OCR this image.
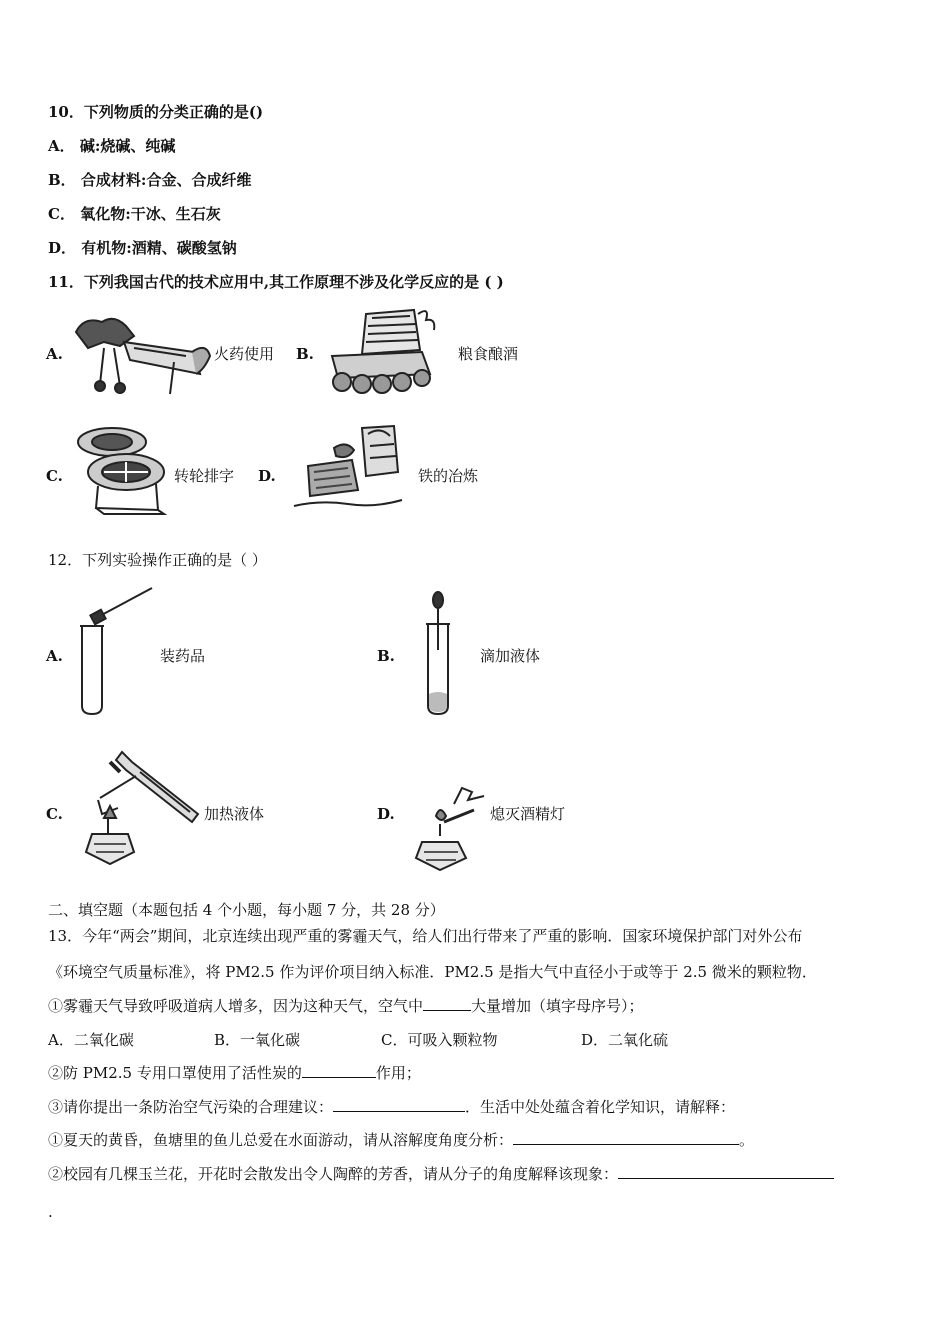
10．下列物质的分类正确的是()
A． 碱:烧碱、纯碱
B． 合成材料:合金、合成纤维
C． 氧化物:干冰、生石灰
D． 有机物:酒精、碳酸氢钠
11．下列我国古代的技术应用中,其工作原理不涉及化学反应的是 ( )
A.	火药使用 B.	粮食酿酒
C.	转轮排字 D.	铁的冶炼
12．下列实验操作正确的是（ ）
A.	装药品	B.	滴加液体
C.	加热液体	D.	熄灭酒精灯
二、填空题（本题包括 4 个小题，每小题 7 分，共 28 分）
13．今年“两会”期间，北京连续出现严重的雾霾天气，给人们出行带来了严重的影响．国家环境保护部门对外公布
《环境空气质量标准》，将 PM2.5 作为评价项目纳入标准．PM2.5 是指大气中直径小于或等于 2.5 微米的颗粒物．
①雾霾天气导致呼吸道病人增多，因为这种天气，空气中	大量增加（填字母序号）；
A．二氧化碳	B．一氧化碳	C．可吸入颗粒物	D．二氧化硫
②防 PM2.5 专用口罩使用了活性炭的	作用；
③请你提出一条防治空气污染的合理建议：	．生活中处处蕴含着化学知识，请解释：
①夏天的黄昏，鱼塘里的鱼儿总爱在水面游动，请从溶解度角度分析：	。
②校园有几棵玉兰花，开花时会散发出令人陶醉的芳香，请从分子的角度解释该现象：
.
